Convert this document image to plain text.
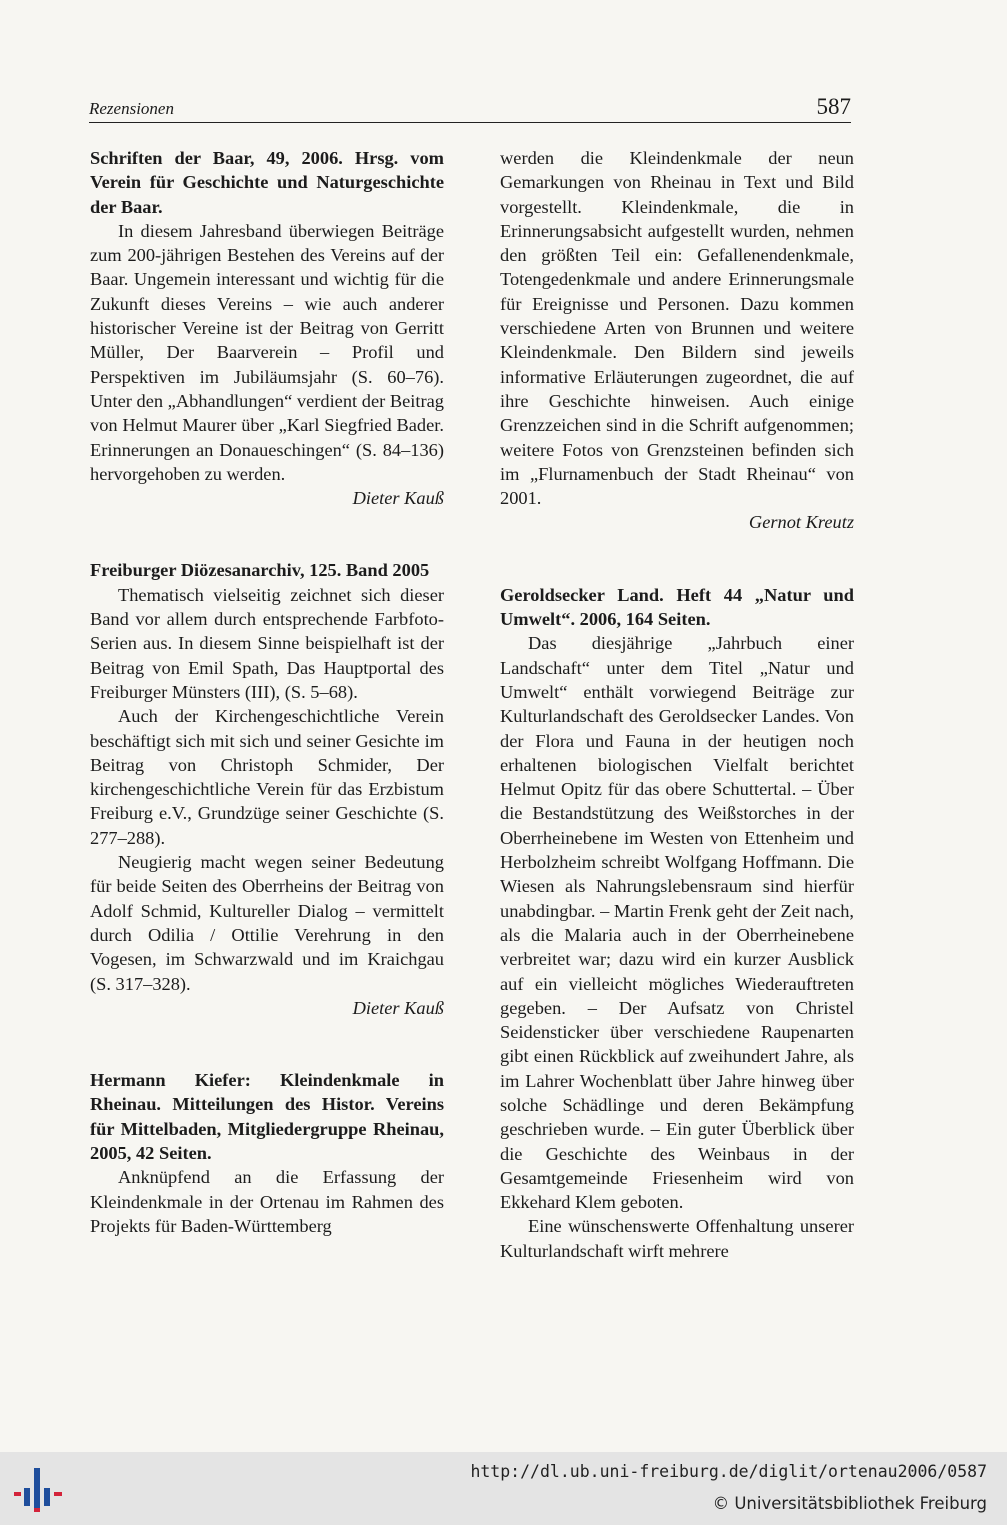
Rezensionen	587
Schriften der Baar, 49, 2006. Hrsg. vom Verein für Geschichte und Naturgeschichte der Baar.

In diesem Jahresband überwiegen Beiträge zum 200-jährigen Bestehen des Vereins auf der Baar. Ungemein interessant und wichtig für die Zukunft dieses Vereins – wie auch anderer historischer Vereine ist der Beitrag von Gerritt Müller, Der Baarverein – Profil und Perspektiven im Jubiläumsjahr (S. 60–76). Unter den „Abhandlungen“ verdient der Beitrag von Helmut Maurer über „Karl Siegfried Bader. Erinnerungen an Donaueschingen“ (S. 84–136) hervorgehoben zu werden.

Dieter Kauß
Freiburger Diözesanarchiv, 125. Band 2005

Thematisch vielseitig zeichnet sich dieser Band vor allem durch entsprechende Farbfoto-Serien aus. In diesem Sinne beispielhaft ist der Beitrag von Emil Spath, Das Hauptportal des Freiburger Münsters (III), (S. 5–68).

Auch der Kirchengeschichtliche Verein beschäftigt sich mit sich und seiner Gesichte im Beitrag von Christoph Schmider, Der kirchengeschichtliche Verein für das Erzbistum Freiburg e.V., Grundzüge seiner Geschichte (S. 277–288).

Neugierig macht wegen seiner Bedeutung für beide Seiten des Oberrheins der Beitrag von Adolf Schmid, Kultureller Dialog – vermittelt durch Odilia / Ottilie Verehrung in den Vogesen, im Schwarzwald und im Kraichgau (S. 317–328).

Dieter Kauß
Hermann Kiefer: Kleindenkmale in Rheinau. Mitteilungen des Histor. Vereins für Mittelbaden, Mitgliedergruppe Rheinau, 2005, 42 Seiten.

Anknüpfend an die Erfassung der Kleindenkmale in der Ortenau im Rahmen des Projekts für Baden-Württemberg

werden die Kleindenkmale der neun Gemarkungen von Rheinau in Text und Bild vorgestellt. Kleindenkmale, die in Erinnerungsabsicht aufgestellt wurden, nehmen den größten Teil ein: Gefallenendenkmale, Totengedenkmale und andere Erinnerungsmale für Ereignisse und Personen. Dazu kommen verschiedene Arten von Brunnen und weitere Kleindenkmale. Den Bildern sind jeweils informative Erläuterungen zugeordnet, die auf ihre Geschichte hinweisen. Auch einige Grenzzeichen sind in die Schrift aufgenommen; weitere Fotos von Grenzsteinen befinden sich im „Flurnamenbuch der Stadt Rheinau“ von 2001.

Gernot Kreutz
Geroldsecker Land. Heft 44 „Natur und Umwelt“. 2006, 164 Seiten.

Das diesjährige „Jahrbuch einer Landschaft“ unter dem Titel „Natur und Umwelt“ enthält vorwiegend Beiträge zur Kulturlandschaft des Geroldsecker Landes. Von der Flora und Fauna in der heutigen noch erhaltenen biologischen Vielfalt berichtet Helmut Opitz für das obere Schuttertal. – Über die Bestandstützung des Weißstorches in der Oberrheinebene im Westen von Ettenheim und Herbolzheim schreibt Wolfgang Hoffmann. Die Wiesen als Nahrungslebensraum sind hierfür unabdingbar. – Martin Frenk geht der Zeit nach, als die Malaria auch in der Oberrheinebene verbreitet war; dazu wird ein kurzer Ausblick auf ein vielleicht mögliches Wiederauftreten gegeben. – Der Aufsatz von Christel Seidensticker über verschiedene Raupenarten gibt einen Rückblick auf zweihundert Jahre, als im Lahrer Wochenblatt über Jahre hinweg über solche Schädlinge und deren Bekämpfung geschrieben wurde. – Ein guter Überblick über die Geschichte des Weinbaus in der Gesamtgemeinde Friesenheim wird von Ekkehard Klem geboten.

Eine wünschenswerte Offenhaltung unserer Kulturlandschaft wirft mehrere

http://dl.ub.uni-freiburg.de/diglit/ortenau2006/0587
© Universitätsbibliothek Freiburg
